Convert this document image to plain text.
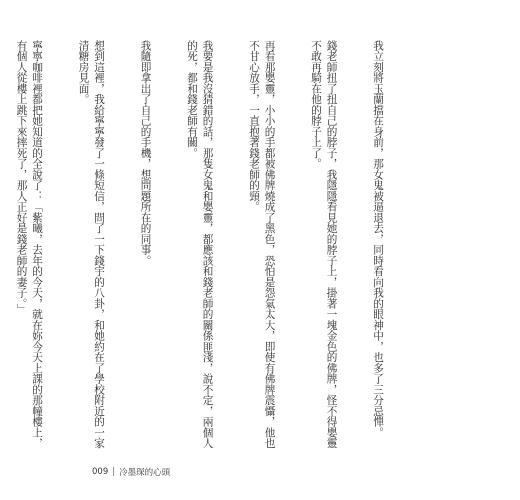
我立刻將玉蘭擋在身前，那女鬼被逼退去，同時看向我的眼神中，也多了三分忌憚。

錢老師扭了扭自己的脖子，我隱隱看見她的脖子上，掛著一塊金色的佛牌，怪不得嬰靈不敢再騎在他的脖子上了。

再看那嬰靈，小小的手都被佛牌燒成了黑色，恐怕是怨氣太大，即使有佛牌震懾，他也不甘心放手，一直抱著錢老師的頸。

我要是我沒猜錯的話，那隻女鬼和嬰靈，都應該和錢老師的關係匪淺，說不定，兩個人的死，都和錢老師有關。

我隨即拿出了自己的手機，想問題所在的同事。

想到這裡，我給寧寧發了一條短信，問了一下錢宇的八卦，和她約在了學校附近的一家清糖房見面。

寧寧咖啡裡都把她知道的全說了：「紫曦，去年的今天，就在妳今天上課的那幢樓上，有個人從樓上跳下來摔死了，那人正好是錢老師的妻子。」

009 | 冷墨琛的心頭
